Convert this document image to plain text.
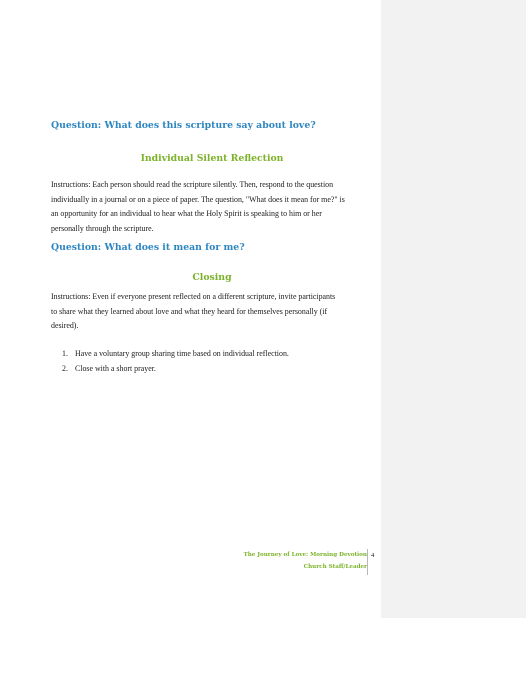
Question: What does this scripture say about love?
Individual Silent Reflection
Instructions: Each person should read the scripture silently. Then, respond to the question
individually in a journal or on a piece of paper. The question, "What does it mean for me?" is
an opportunity for an individual to hear what the Holy Spirit is speaking to him or her
personally through the scripture.
Question: What does it mean for me?
Closing
Instructions: Even if everyone present reflected on a different scripture, invite participants
to share what they learned about love and what they heard for themselves personally (if
desired).
1. Have a voluntary group sharing time based on individual reflection.
2. Close with a short prayer.
The Journey of Love: Morning Devotion
Church Staff/Leader
4
